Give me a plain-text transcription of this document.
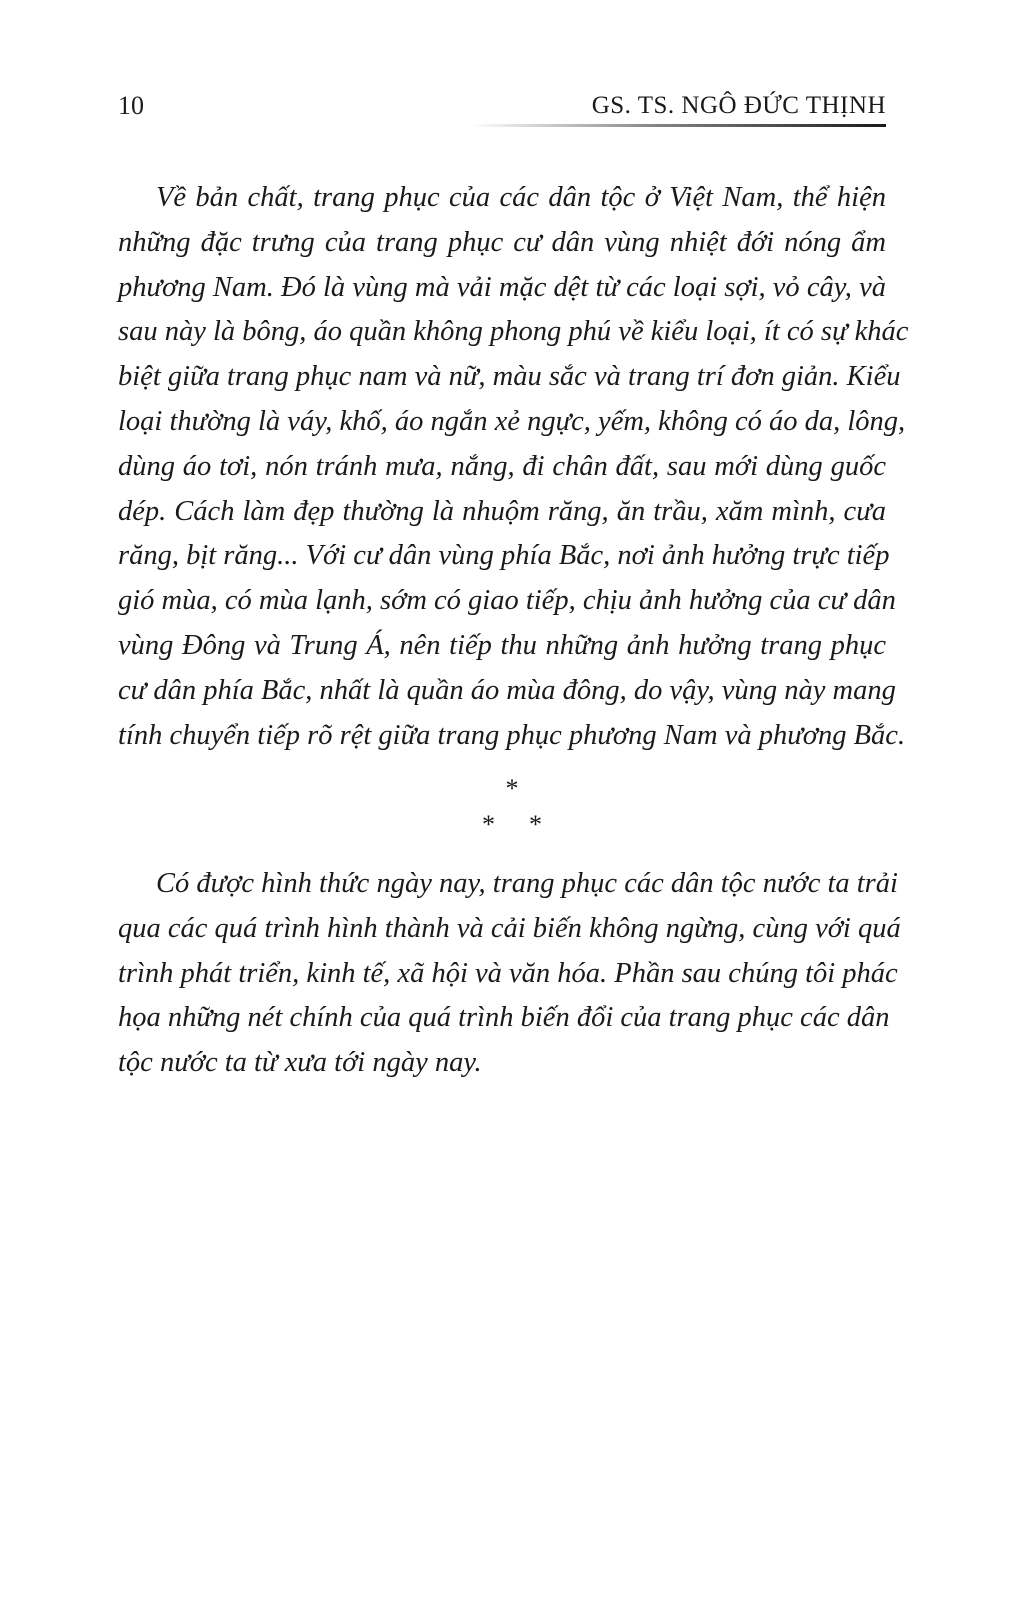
10	GS. TS. NGÔ ĐỨC THỊNH

Về bản chất, trang phục của các dân tộc ở Việt Nam, thể hiện
những đặc trưng của trang phục cư dân vùng nhiệt đới nóng ẩm
phương Nam. Đó là vùng mà vải mặc dệt từ các loại sợi, vỏ cây, và
sau này là bông, áo quần không phong phú về kiểu loại, ít có sự khác
biệt giữa trang phục nam và nữ, màu sắc và trang trí đơn giản. Kiểu
loại thường là váy, khố, áo ngắn xẻ ngực, yếm, không có áo da, lông,
dùng áo tơi, nón tránh mưa, nắng, đi chân đất, sau mới dùng guốc
dép. Cách làm đẹp thường là nhuộm răng, ăn trầu, xăm mình, cưa
răng, bịt răng... Với cư dân vùng phía Bắc, nơi ảnh hưởng trực tiếp
gió mùa, có mùa lạnh, sớm có giao tiếp, chịu ảnh hưởng của cư dân
vùng Đông và Trung Á, nên tiếp thu những ảnh hưởng trang phục
cư dân phía Bắc, nhất là quần áo mùa đông, do vậy, vùng này mang
tính chuyển tiếp rõ rệt giữa trang phục phương Nam và phương Bắc.

*
* *

Có được hình thức ngày nay, trang phục các dân tộc nước ta trải
qua các quá trình hình thành và cải biến không ngừng, cùng với quá
trình phát triển, kinh tế, xã hội và văn hóa. Phần sau chúng tôi phác
họa những nét chính của quá trình biến đổi của trang phục các dân
tộc nước ta từ xưa tới ngày nay.
